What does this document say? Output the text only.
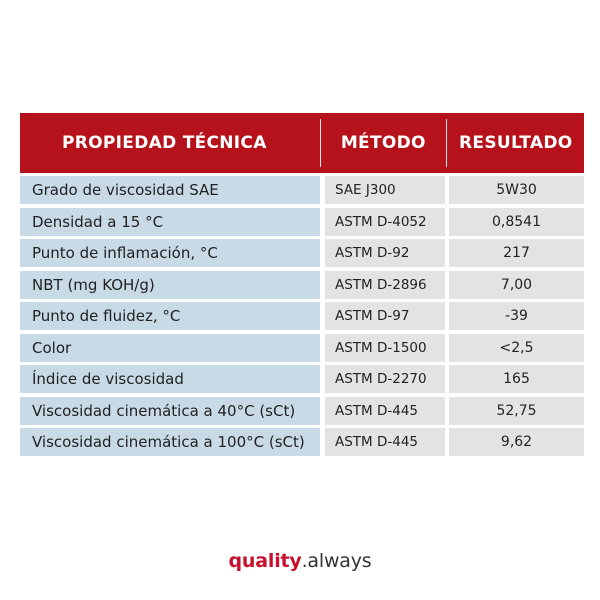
PROPIEDAD TÉCNICA	MÉTODO	RESULTADO
Grado de viscosidad SAE	SAE J300	5W30
Densidad a 15 °C	ASTM D-4052	0,8541
Punto de inflamación, °C	ASTM D-92	217
NBT (mg KOH/g)	ASTM D-2896	7,00
Punto de fluidez, °C	ASTM D-97	-39
Color	ASTM D-1500	<2,5
Índice de viscosidad	ASTM D-2270	165
Viscosidad cinemática a 40°C (sCt)	ASTM D-445	52,75
Viscosidad cinemática a 100°C (sCt)	ASTM D-445	9,62
quality.always
